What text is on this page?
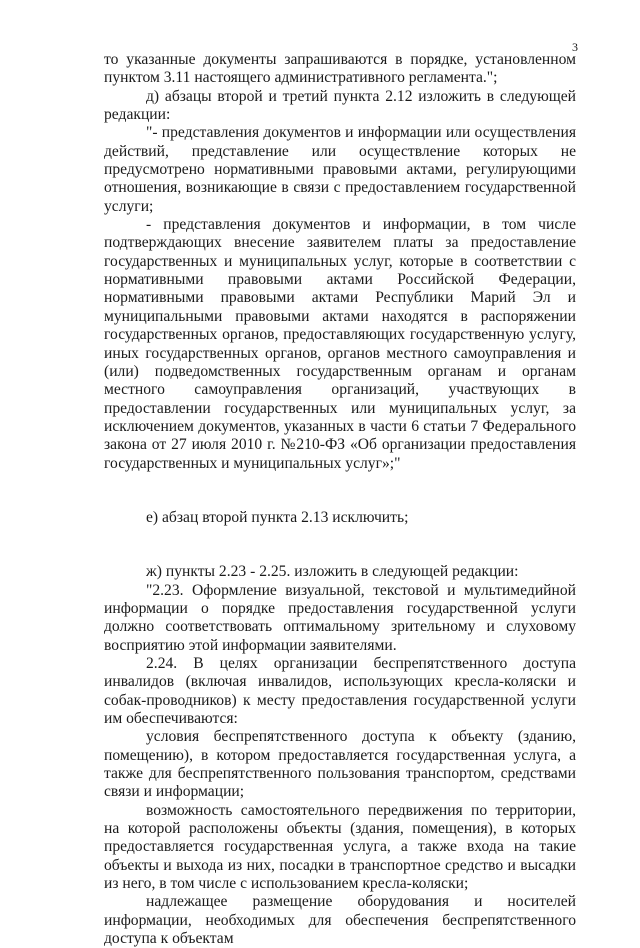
3

то указанные документы запрашиваются в порядке, установленном пунктом 3.11 настоящего административного регламента.";

д) абзацы второй и третий пункта 2.12 изложить в следующей редакции:

"- представления документов и информации или осуществления действий, представление или осуществление которых не предусмотрено нормативными правовыми актами, регулирующими отношения, возникающие в связи с предоставлением государственной услуги;

- представления документов и информации, в том числе подтверждающих внесение заявителем платы за предоставление государственных и муниципальных услуг, которые в соответствии с нормативными правовыми актами Российской Федерации, нормативными правовыми актами Республики Марий Эл и муниципальными правовыми актами находятся в распоряжении государственных органов, предоставляющих государственную услугу, иных государственных органов, органов местного самоуправления и (или) подведомственных государственным органам и органам местного самоуправления организаций, участвующих в предоставлении государственных или муниципальных услуг, за исключением документов, указанных в части 6 статьи 7 Федерального закона от 27 июля 2010 г. №210-ФЗ «Об организации предоставления государственных и муниципальных услуг»;"

е) абзац второй пункта 2.13 исключить;

ж) пункты 2.23 - 2.25. изложить в следующей редакции:

"2.23. Оформление визуальной, текстовой и мультимедийной информации о порядке предоставления государственной услуги должно соответствовать оптимальному зрительному и слуховому восприятию этой информации заявителями.

2.24. В целях организации беспрепятственного доступа инвалидов (включая инвалидов, использующих кресла-коляски и собак-проводников) к месту предоставления государственной услуги им обеспечиваются:

условия беспрепятственного доступа к объекту (зданию, помещению), в котором предоставляется государственная услуга, а также для беспрепятственного пользования транспортом, средствами связи и информации;

возможность самостоятельного передвижения по территории, на которой расположены объекты (здания, помещения), в которых предоставляется государственная услуга, а также входа на такие объекты и выхода из них, посадки в транспортное средство и высадки из него, в том числе с использованием кресла-коляски;

надлежащее размещение оборудования и носителей информации, необходимых для обеспечения беспрепятственного доступа к объектам
